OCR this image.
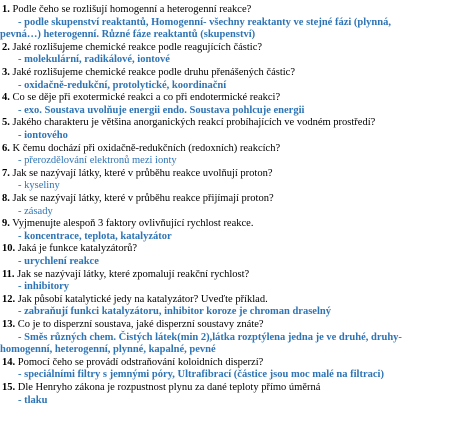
1. Podle čeho se rozlišují homogenní a heterogenní reakce?
- podle skupenství reaktantů, Homogenní- všechny reaktanty ve stejné fázi (plynná,
pevná…) heterogenní. Různé fáze reaktantů (skupenství)
2. Jaké rozlišujeme chemické reakce podle reagujících částic?
- molekulární, radikálové, iontové
3. Jaké rozlišujeme chemické reakce podle druhu přenášených částic?
- oxidačně-redukční, protolytické, koordinační
4. Co se děje při exotermické reakci a co při endotermické reakci?
- exo. Soustava uvolňuje energii endo. Soustava pohlcuje energii
5. Jakého charakteru je většina anorganických reakcí probíhajících ve vodném prostředí?
- iontového
6. K čemu dochází při oxidačně-redukčních (redoxních) reakcích?
- přerozdělování elektronů mezi ionty
7. Jak se nazývají látky, které v průběhu reakce uvolňují proton?
- kyseliny
8. Jak se nazývají látky, které v průběhu reakce přijímají proton?
- zásady
9. Vyjmenujte alespoň 3 faktory ovlivňující rychlost reakce.
- koncentrace, teplota, katalyzátor
10. Jaká je funkce katalyzátorů?
- urychlení reakce
11. Jak se nazývají látky, které zpomalují reakční rychlost?
- inhibitory
12. Jak působí katalytické jedy na katalyzátor? Uveďte příklad.
- zabraňují funkci katalyzátoru, inhibitor koroze je chroman draselný
13. Co je to disperzní soustava, jaké disperzní soustavy znáte?
- Směs různých chem. Čistých látek(min 2),látka rozptýlena jedna je ve druhé, druhy-
homogenní, heterogenní, plynné, kapalné, pevné
14. Pomocí čeho se provádí odstraňování koloidních disperzí?
- speciálními filtry s jemnými póry, Ultrafibrací (částice jsou moc malé na filtraci)
15. Dle Henryho zákona je rozpustnost plynu za dané teploty přímo úměrná
- tlaku
